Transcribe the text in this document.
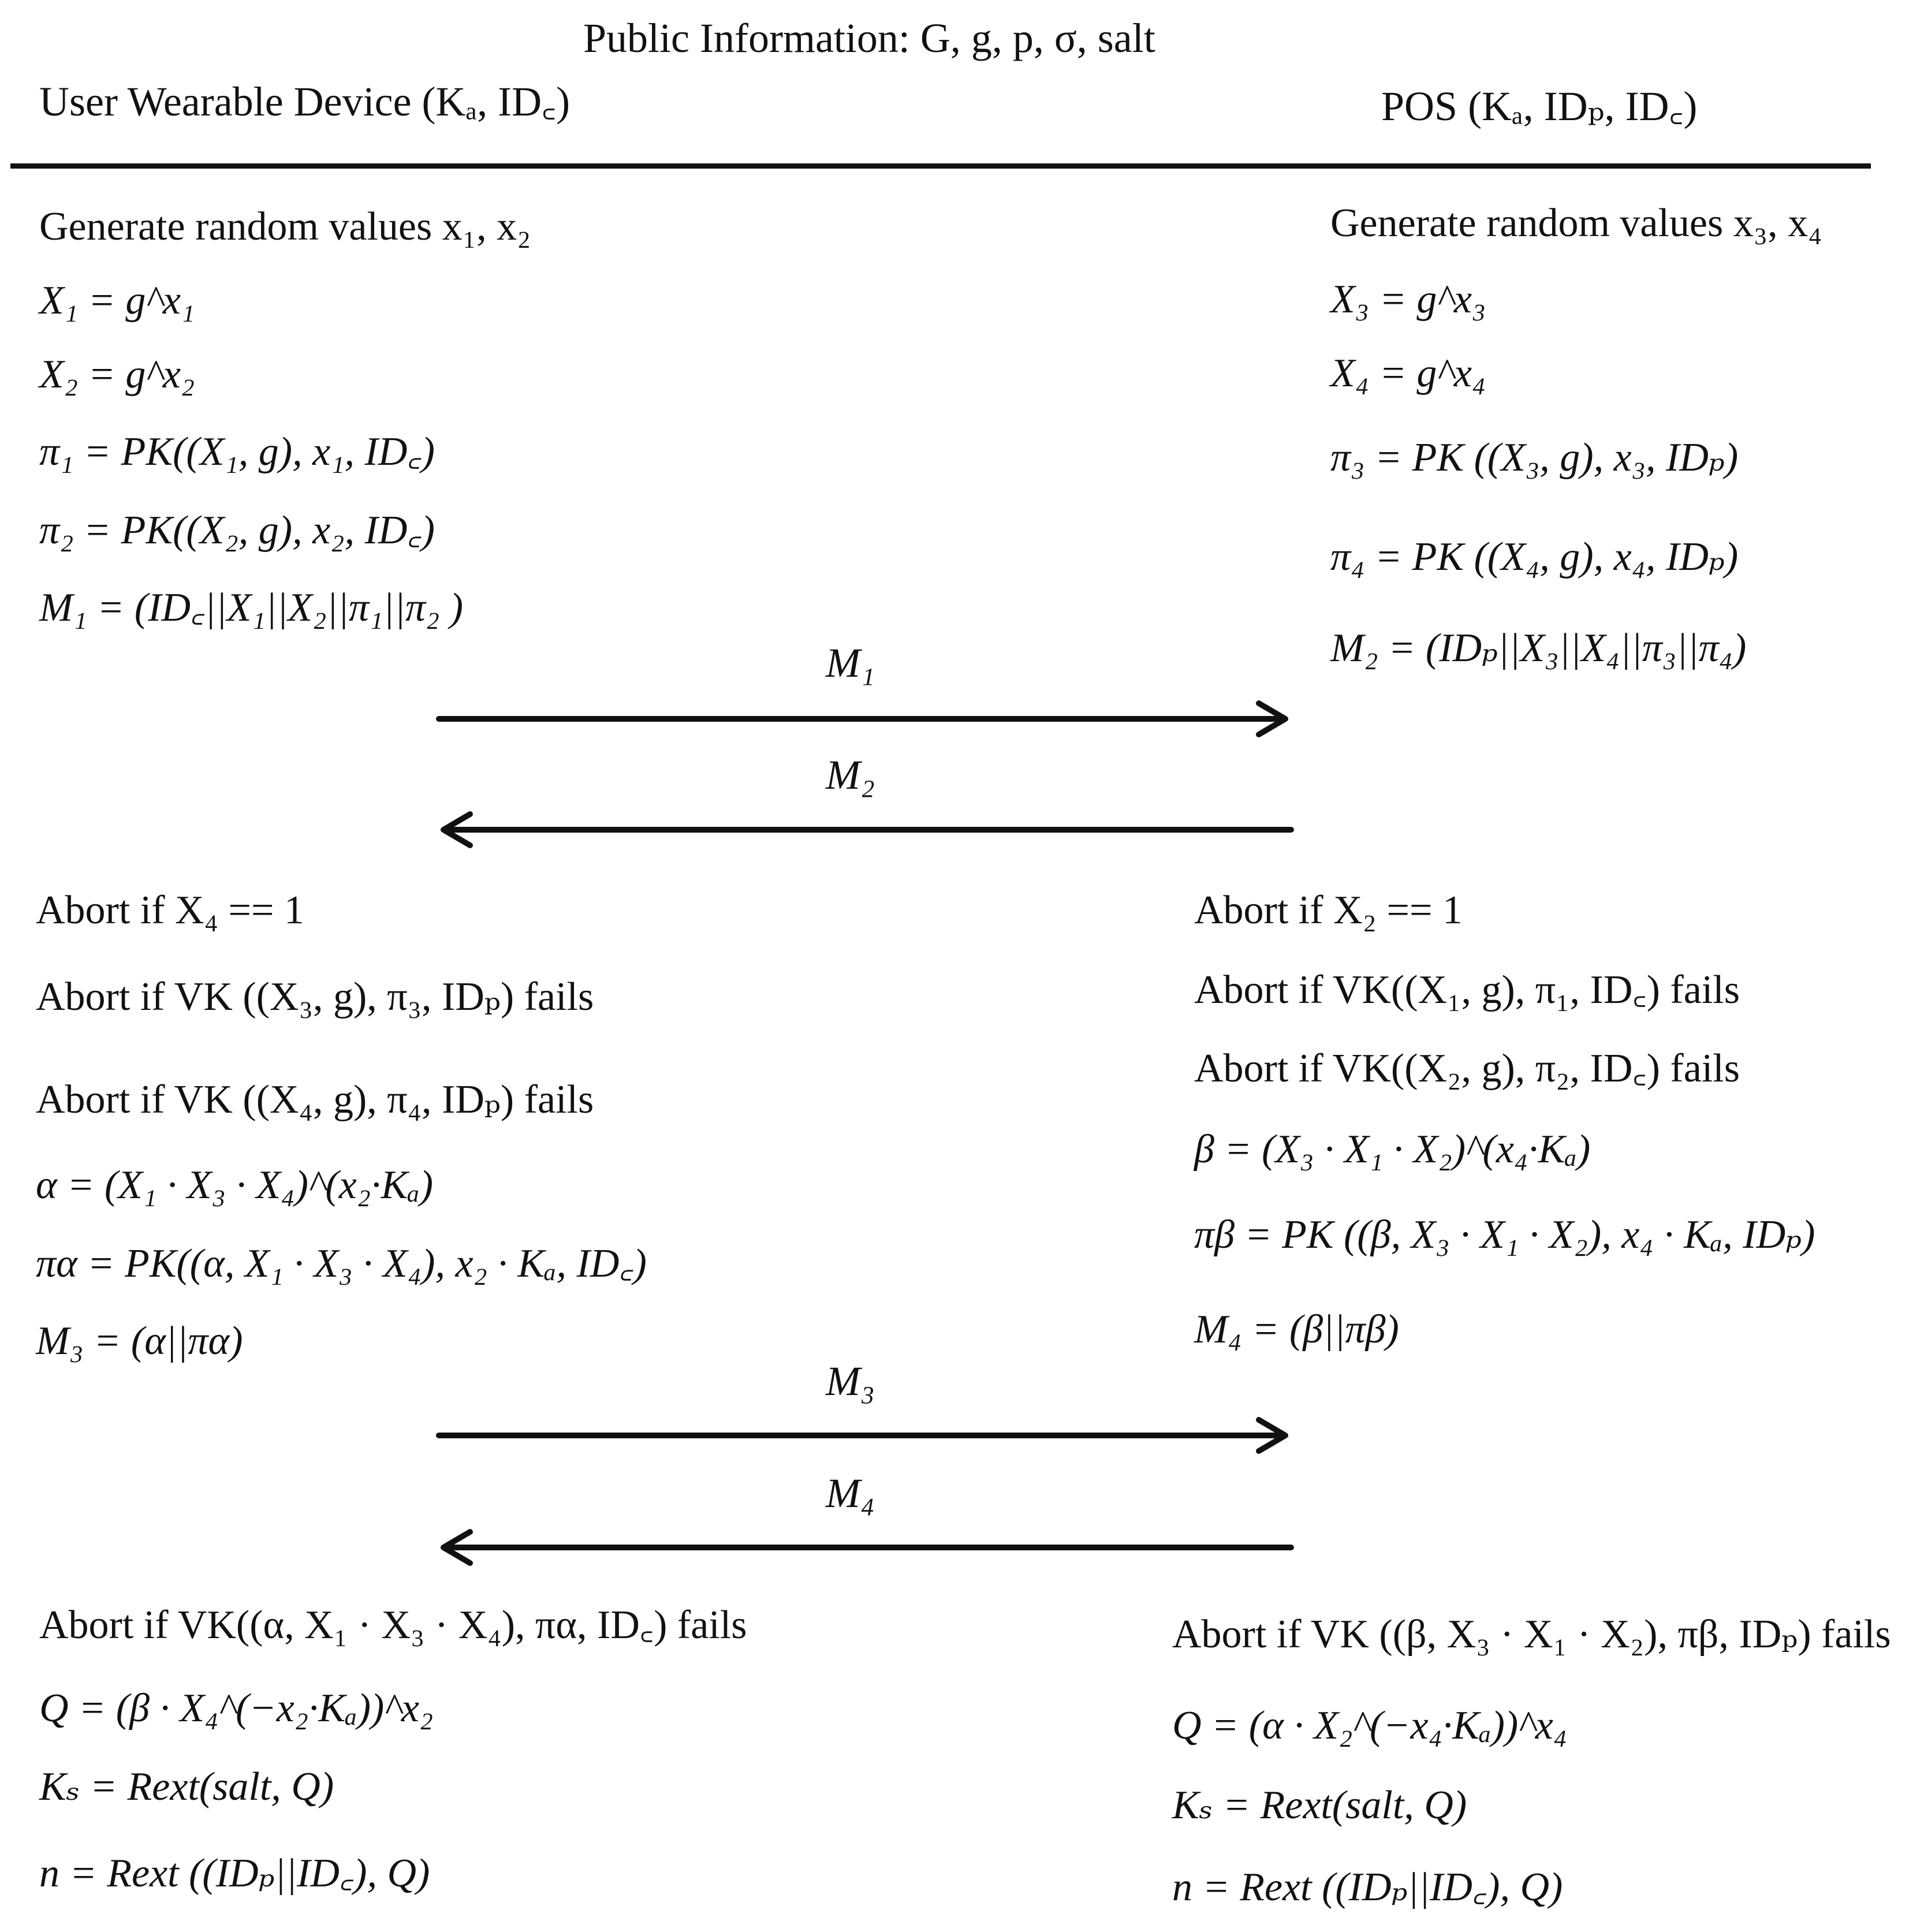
Public Information: G, g, p, σ, salt
User Wearable Device (Kₐ, ID꜀)	POS (Kₐ, IDₚ, ID꜀)
Generate random values x₁, x₂
X₁ = g^x₁
X₂ = g^x₂
π₁ = PK((X₁, g), x₁, ID꜀)
π₂ = PK((X₂, g), x₂, ID꜀)
M₁ = (ID꜀||X₁||X₂||π₁||π₂ )
Generate random values x₃, x₄
X₃ = g^x₃
X₄ = g^x₄
π₃ = PK ((X₃, g), x₃, IDₚ)
π₄ = PK ((X₄, g), x₄, IDₚ)
M₂ = (IDₚ||X₃||X₄||π₃||π₄)
M₁
M₂
M₃
M₄
Abort if X₄ == 1
Abort if VK ((X₃, g), π₃, IDₚ) fails
Abort if VK ((X₄, g), π₄, IDₚ) fails
α = (X₁ · X₃ · X₄)^(x₂·Kₐ)
πα = PK((α, X₁ · X₃ · X₄), x₂ · Kₐ, ID꜀)
M₃ = (α||πα)
Abort if X₂ == 1
Abort if VK((X₁, g), π₁, ID꜀) fails
Abort if VK((X₂, g), π₂, ID꜀) fails
β = (X₃ · X₁ · X₂)^(x₄·Kₐ)
πβ = PK ((β, X₃ · X₁ · X₂), x₄ · Kₐ, IDₚ)
M₄ = (β||πβ)
Abort if VK((α, X₁ · X₃ · X₄), πα, ID꜀) fails
Q = (β · X₄^(−x₂·Kₐ))^x₂
Kₛ = Rext(salt, Q)
n = Rext ((IDₚ||ID꜀), Q)
Abort if VK ((β, X₃ · X₁ · X₂), πβ, IDₚ) fails
Q = (α · X₂^(−x₄·Kₐ))^x₄
Kₛ = Rext(salt, Q)
n = Rext ((IDₚ||ID꜀), Q)
